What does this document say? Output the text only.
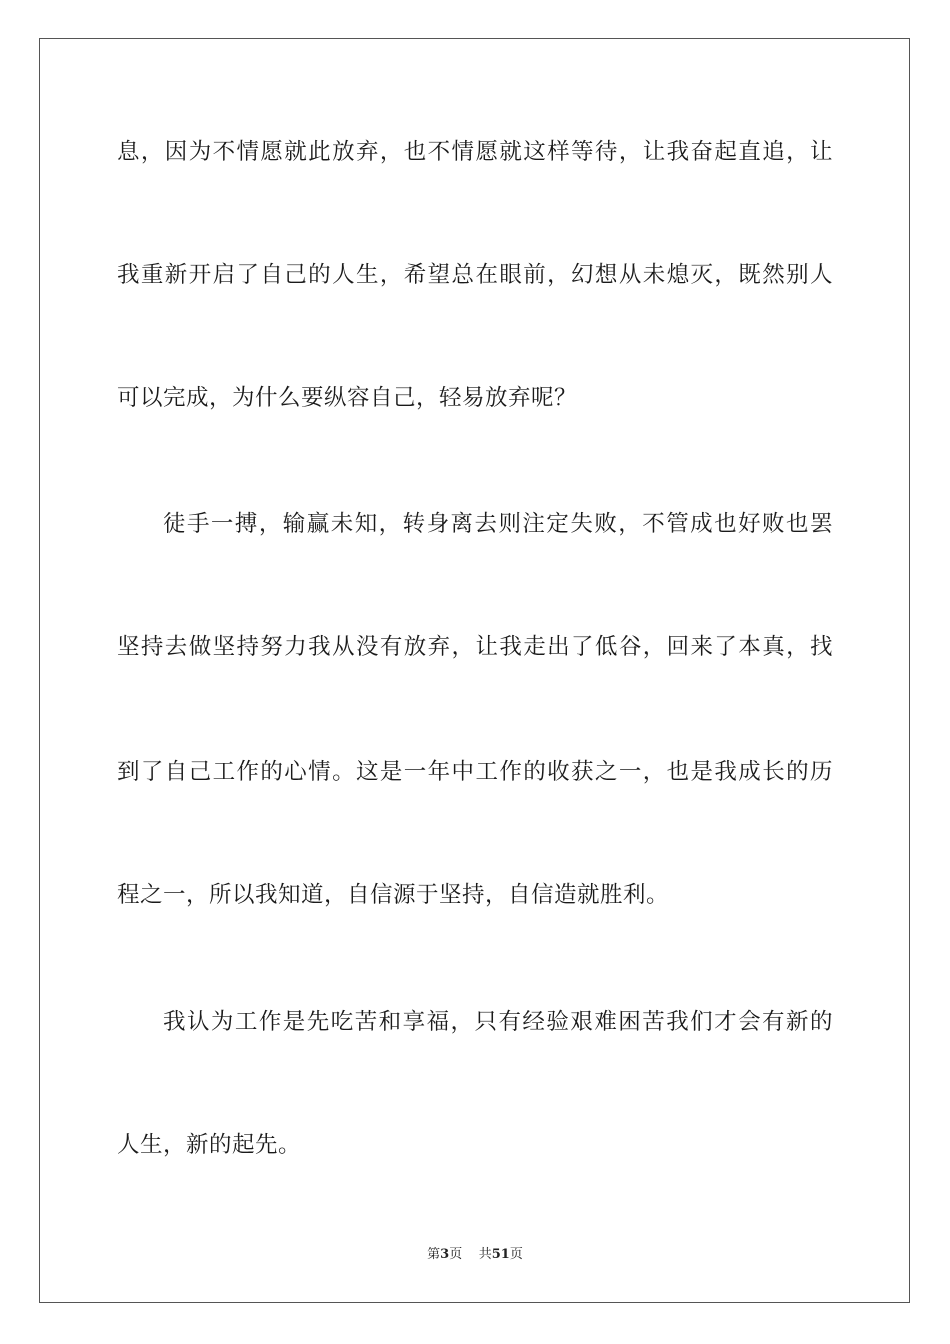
息，因为不情愿就此放弃，也不情愿就这样等待，让我奋起直追，让
我重新开启了自己的人生，希望总在眼前，幻想从未熄灭，既然别人
可以完成，为什么要纵容自己，轻易放弃呢？
徒手一搏，输赢未知，转身离去则注定失败，不管成也好败也罢
坚持去做坚持努力我从没有放弃，让我走出了低谷，回来了本真，找
到了自己工作的心情。这是一年中工作的收获之一，也是我成长的历
程之一，所以我知道，自信源于坚持，自信造就胜利。
我认为工作是先吃苦和享福，只有经验艰难困苦我们才会有新的
人生，新的起先。
第3页 共51页
